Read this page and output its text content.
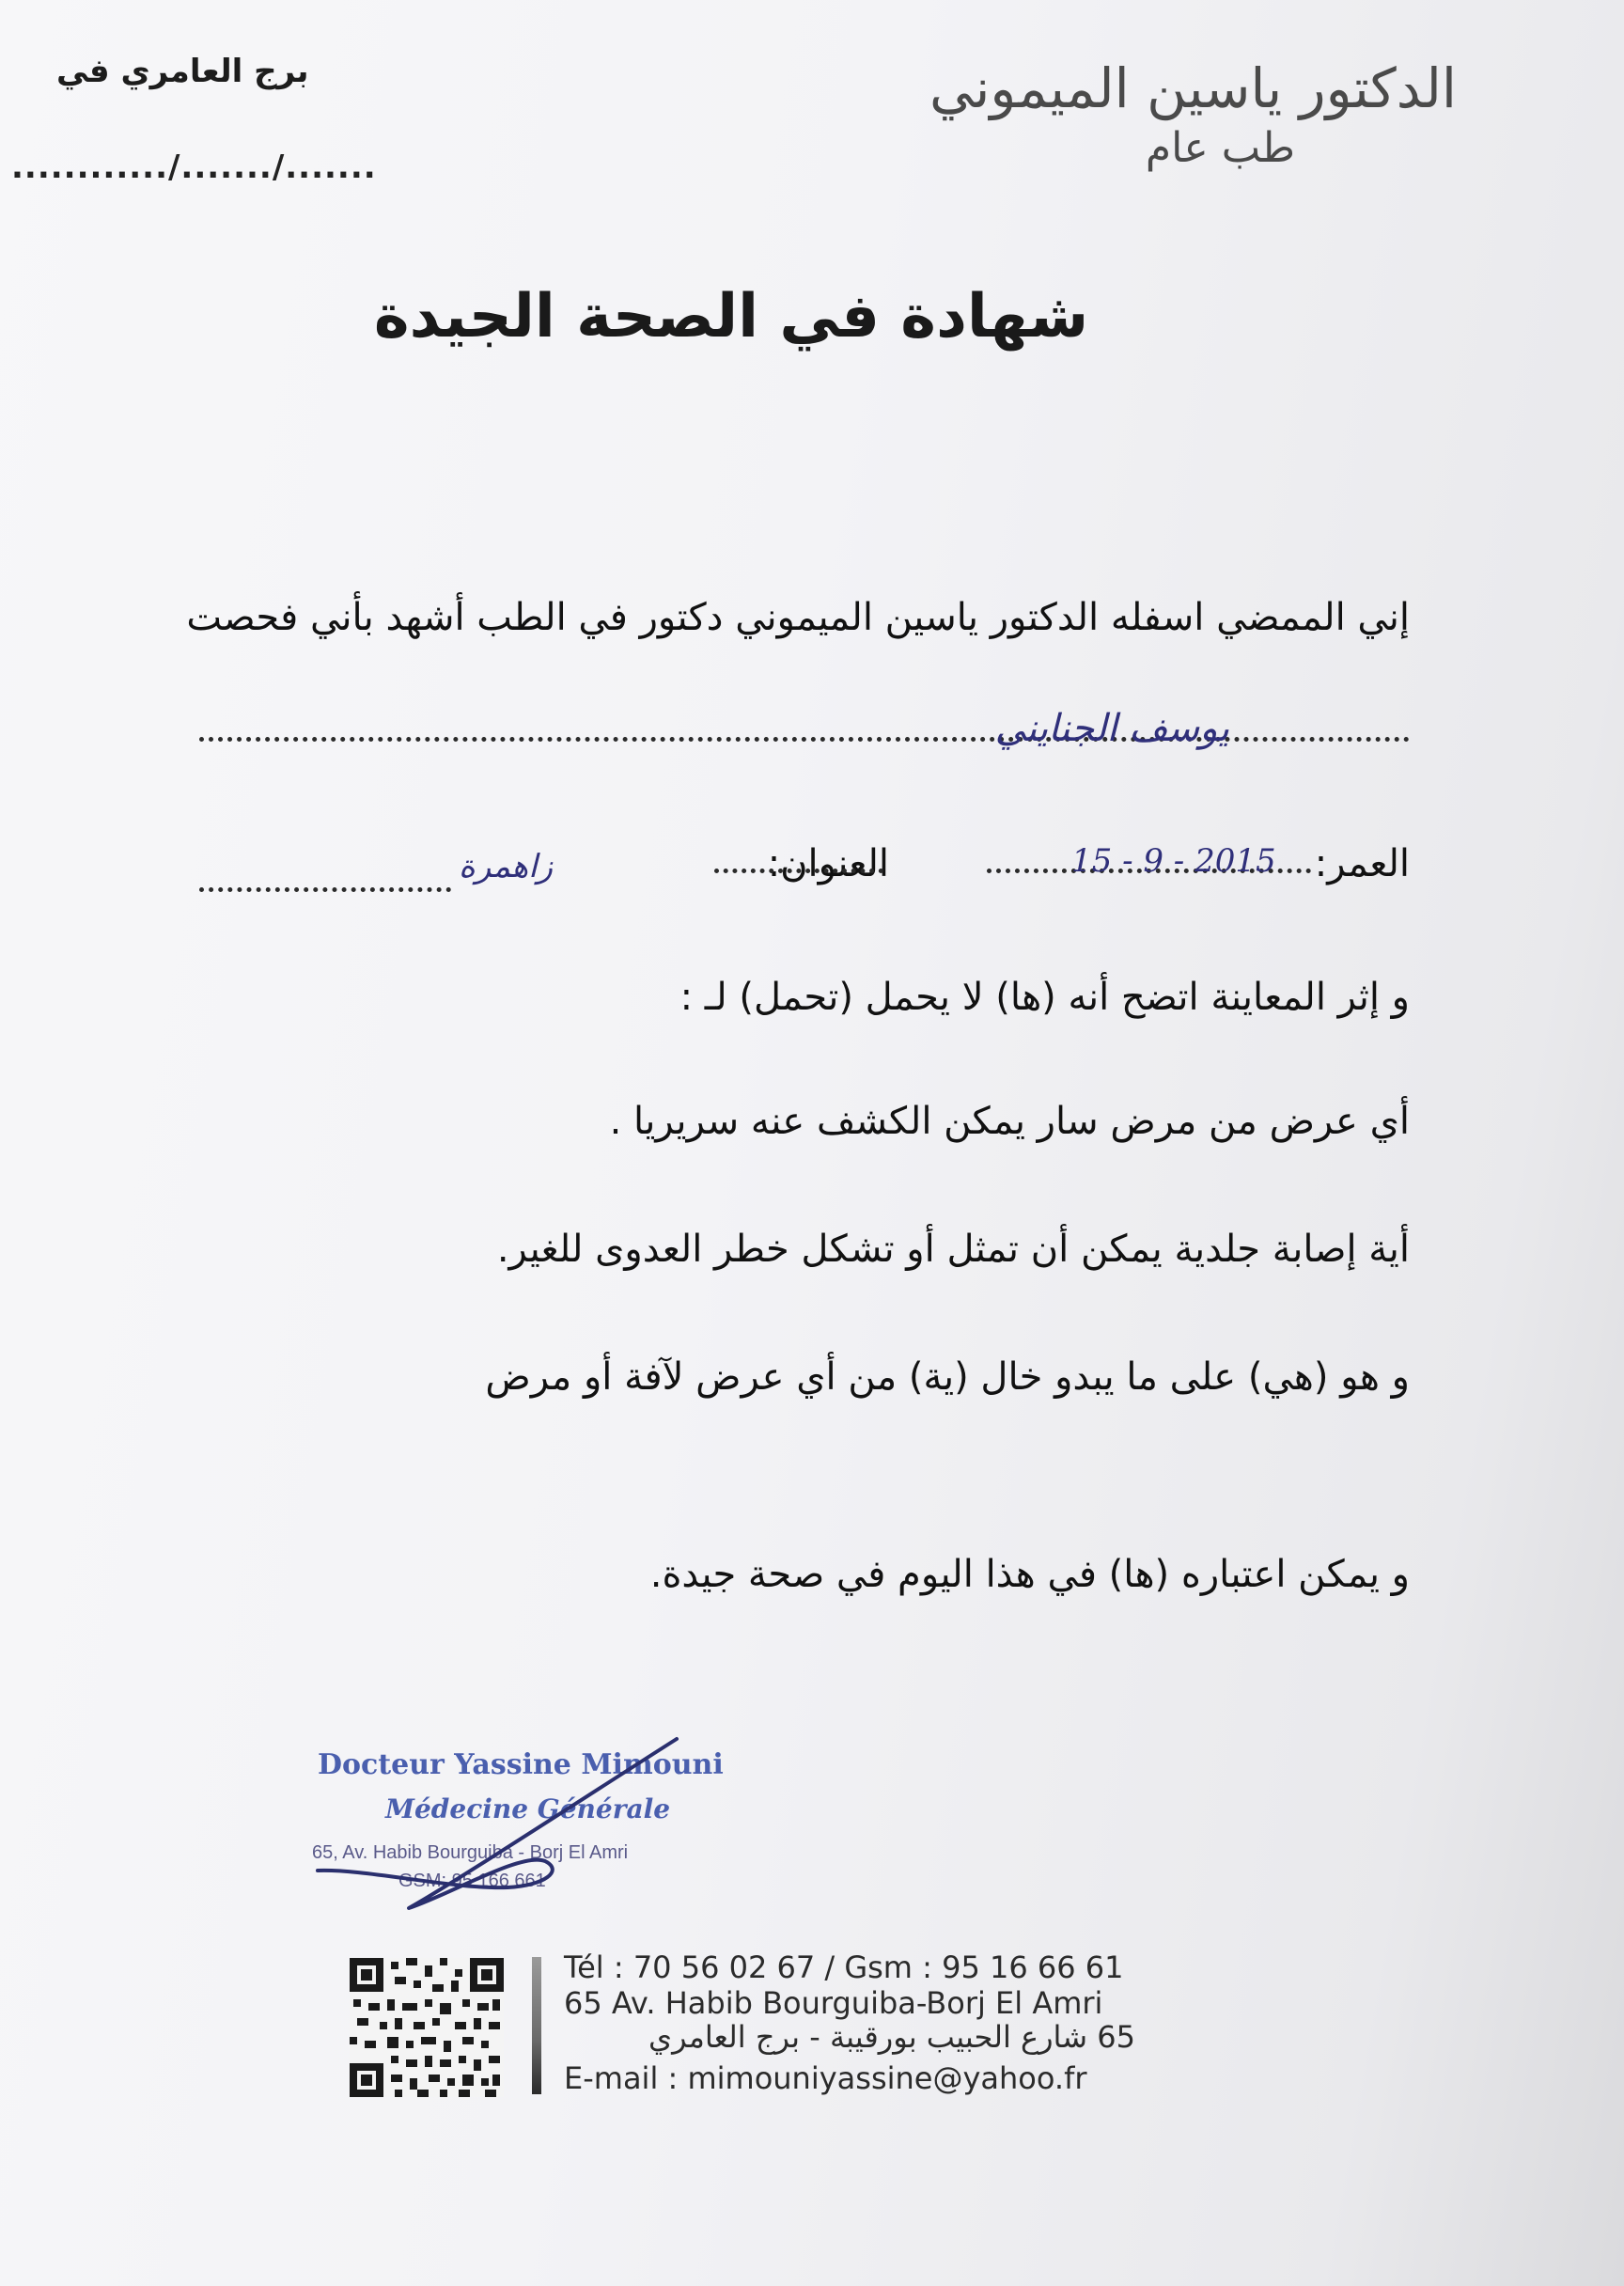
برج العامري في
............/......./.......
الدكتور ياسين الميموني
طب عام
شهادة في الصحة الجيدة
إني الممضي اسفله الدكتور ياسين الميموني دكتور في الطب أشهد بأني فحصت
يوسف الجنايني
العمر:
15 - 9 - 2015
العنوان:
زاهمرة
و إثر المعاينة اتضح أنه (ها) لا يحمل (تحمل) لـ :
أي عرض من مرض سار يمكن الكشف عنه سريريا .
أية إصابة جلدية يمكن أن تمثل أو تشكل خطر العدوى للغير.
و هو (هي) على ما يبدو خال (ية) من أي عرض لآفة أو مرض
و يمكن اعتباره (ها) في هذا اليوم في صحة جيدة.
Docteur Yassine Mimouni
Médecine Générale
65, Av. Habib Bourguiba - Borj El Amri
GSM: 95 166 661
Tél : 70 56 02 67 / Gsm : 95 16 66 61
65 Av. Habib Bourguiba-Borj El Amri
65 شارع الحبيب بورقيبة - برج العامري
E-mail : mimouniyassine@yahoo.fr
